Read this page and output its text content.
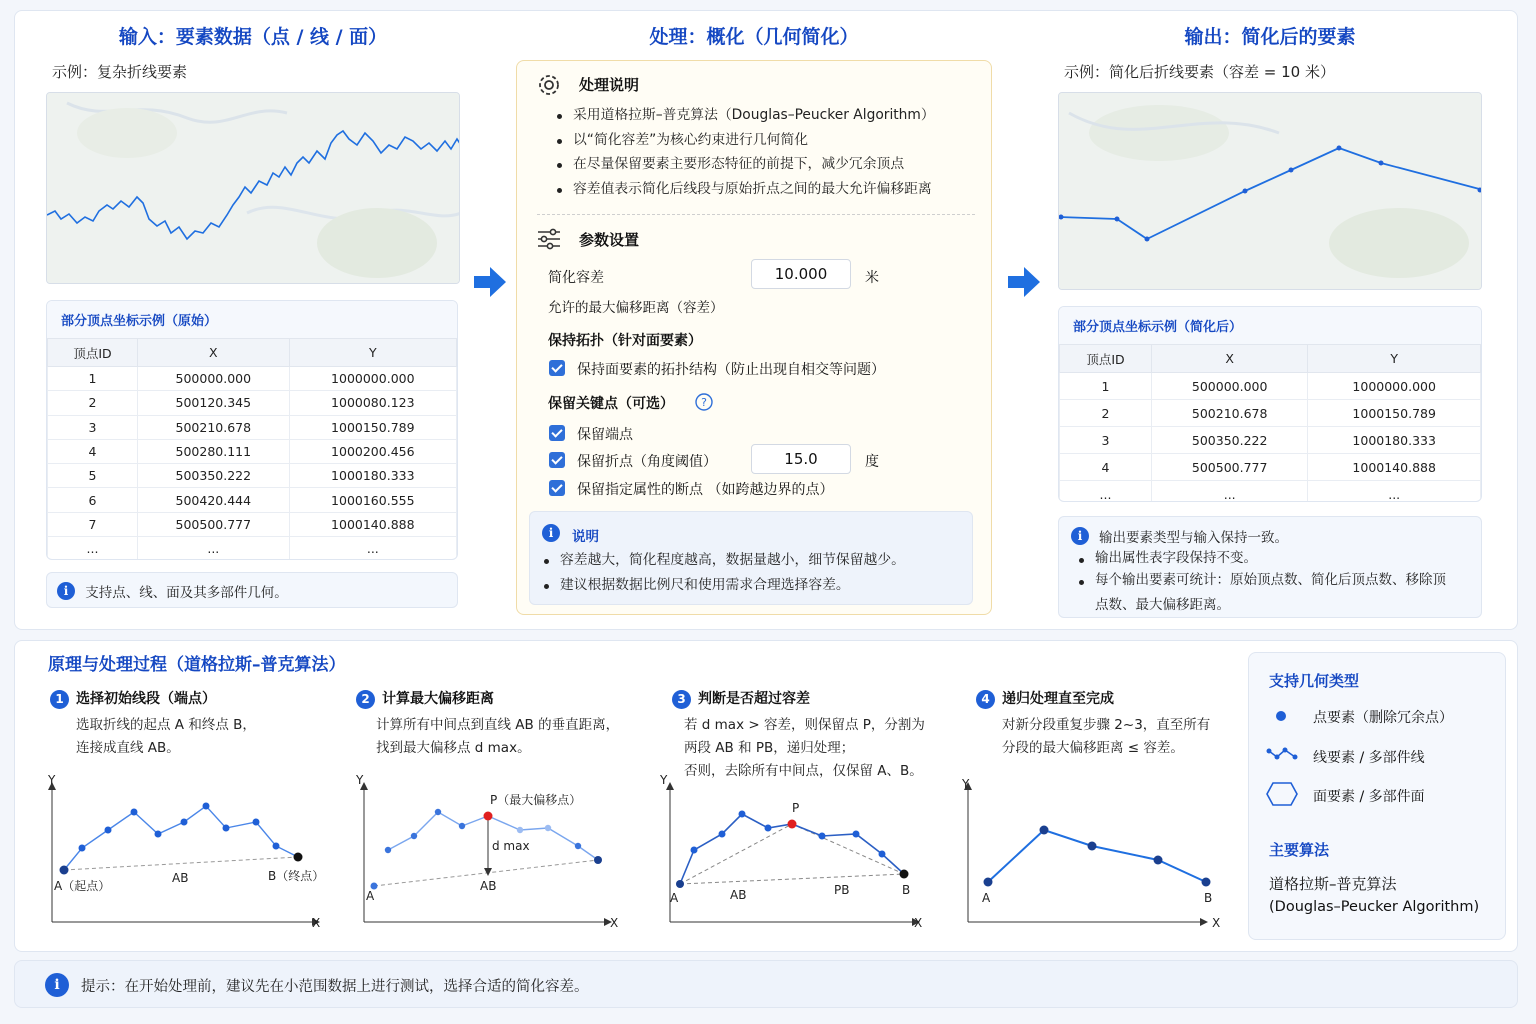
输入：要素数据（点 / 线 / 面）
示例：复杂折线要素
部分顶点坐标示例（原始）
顶点ID	X	Y
1	500000.000	1000000.000
2	500120.345	1000080.123
3	500210.678	1000150.789
4	500280.111	1000200.456
5	500350.222	1000180.333
6	500420.444	1000160.555
7	500500.777	1000140.888
...	...	...
i 支持点、线、面及其多部件几何。
处理：概化（几何简化）
处理说明
采用道格拉斯–普克算法（Douglas–Peucker Algorithm）
以“简化容差”为核心约束进行几何简化
在尽量保留要素主要形态特征的前提下，减少冗余顶点
容差值表示简化后线段与原始折点之间的最大允许偏移距离
参数设置
简化容差	10.000	米
允许的最大偏移距离（容差）
保持拓扑（针对面要素）
保持面要素的拓扑结构（防止出现自相交等问题）
保留关键点（可选） ?
保留端点
保留折点（角度阈值）	15.0	度
保留指定属性的断点 （如跨越边界的点）
i	说明
容差越大，简化程度越高，数据量越小，细节保留越少。
建议根据数据比例尺和使用需求合理选择容差。
输出：简化后的要素
示例：简化后折线要素（容差 = 10 米）
部分顶点坐标示例（简化后）
顶点ID	X	Y
1	500000.000	1000000.000
2	500210.678	1000150.789
3	500350.222	1000180.333
4	500500.777	1000140.888
...	...	...
i	输出要素类型与输入保持一致。
输出属性表字段保持不变。
每个输出要素可统计：原始顶点数、简化后顶点数、移除顶
点数、最大偏移距离。
原理与处理过程（道格拉斯–普克算法）
1 选择初始线段（端点）
选取折线的起点 A 和终点 B，
连接成直线 AB。
2 计算最大偏移距离
计算所有中间点到直线 AB 的垂直距离，
找到最大偏移点 d max。
3 判断是否超过容差
若 d max > 容差，则保留点 P，分割为
两段 AB 和 PB，递归处理；
否则，去除所有中间点，仅保留 A、B。
4 递归处理直至完成
对新分段重复步骤 2~3，直至所有
分段的最大偏移距离 ≤ 容差。
Y
X
A（起点）
AB	B（终点）
Y
X
P（最大偏移点）
d max
AB
A
Y
X
P
AB	PB
A
B
Y
X
A	B
支持几何类型
点要素（删除冗余点）
线要素 / 多部件线
面要素 / 多部件面
主要算法
道格拉斯–普克算法
(Douglas–Peucker Algorithm)
i	提示：在开始处理前，建议先在小范围数据上进行测试，选择合适的简化容差。
